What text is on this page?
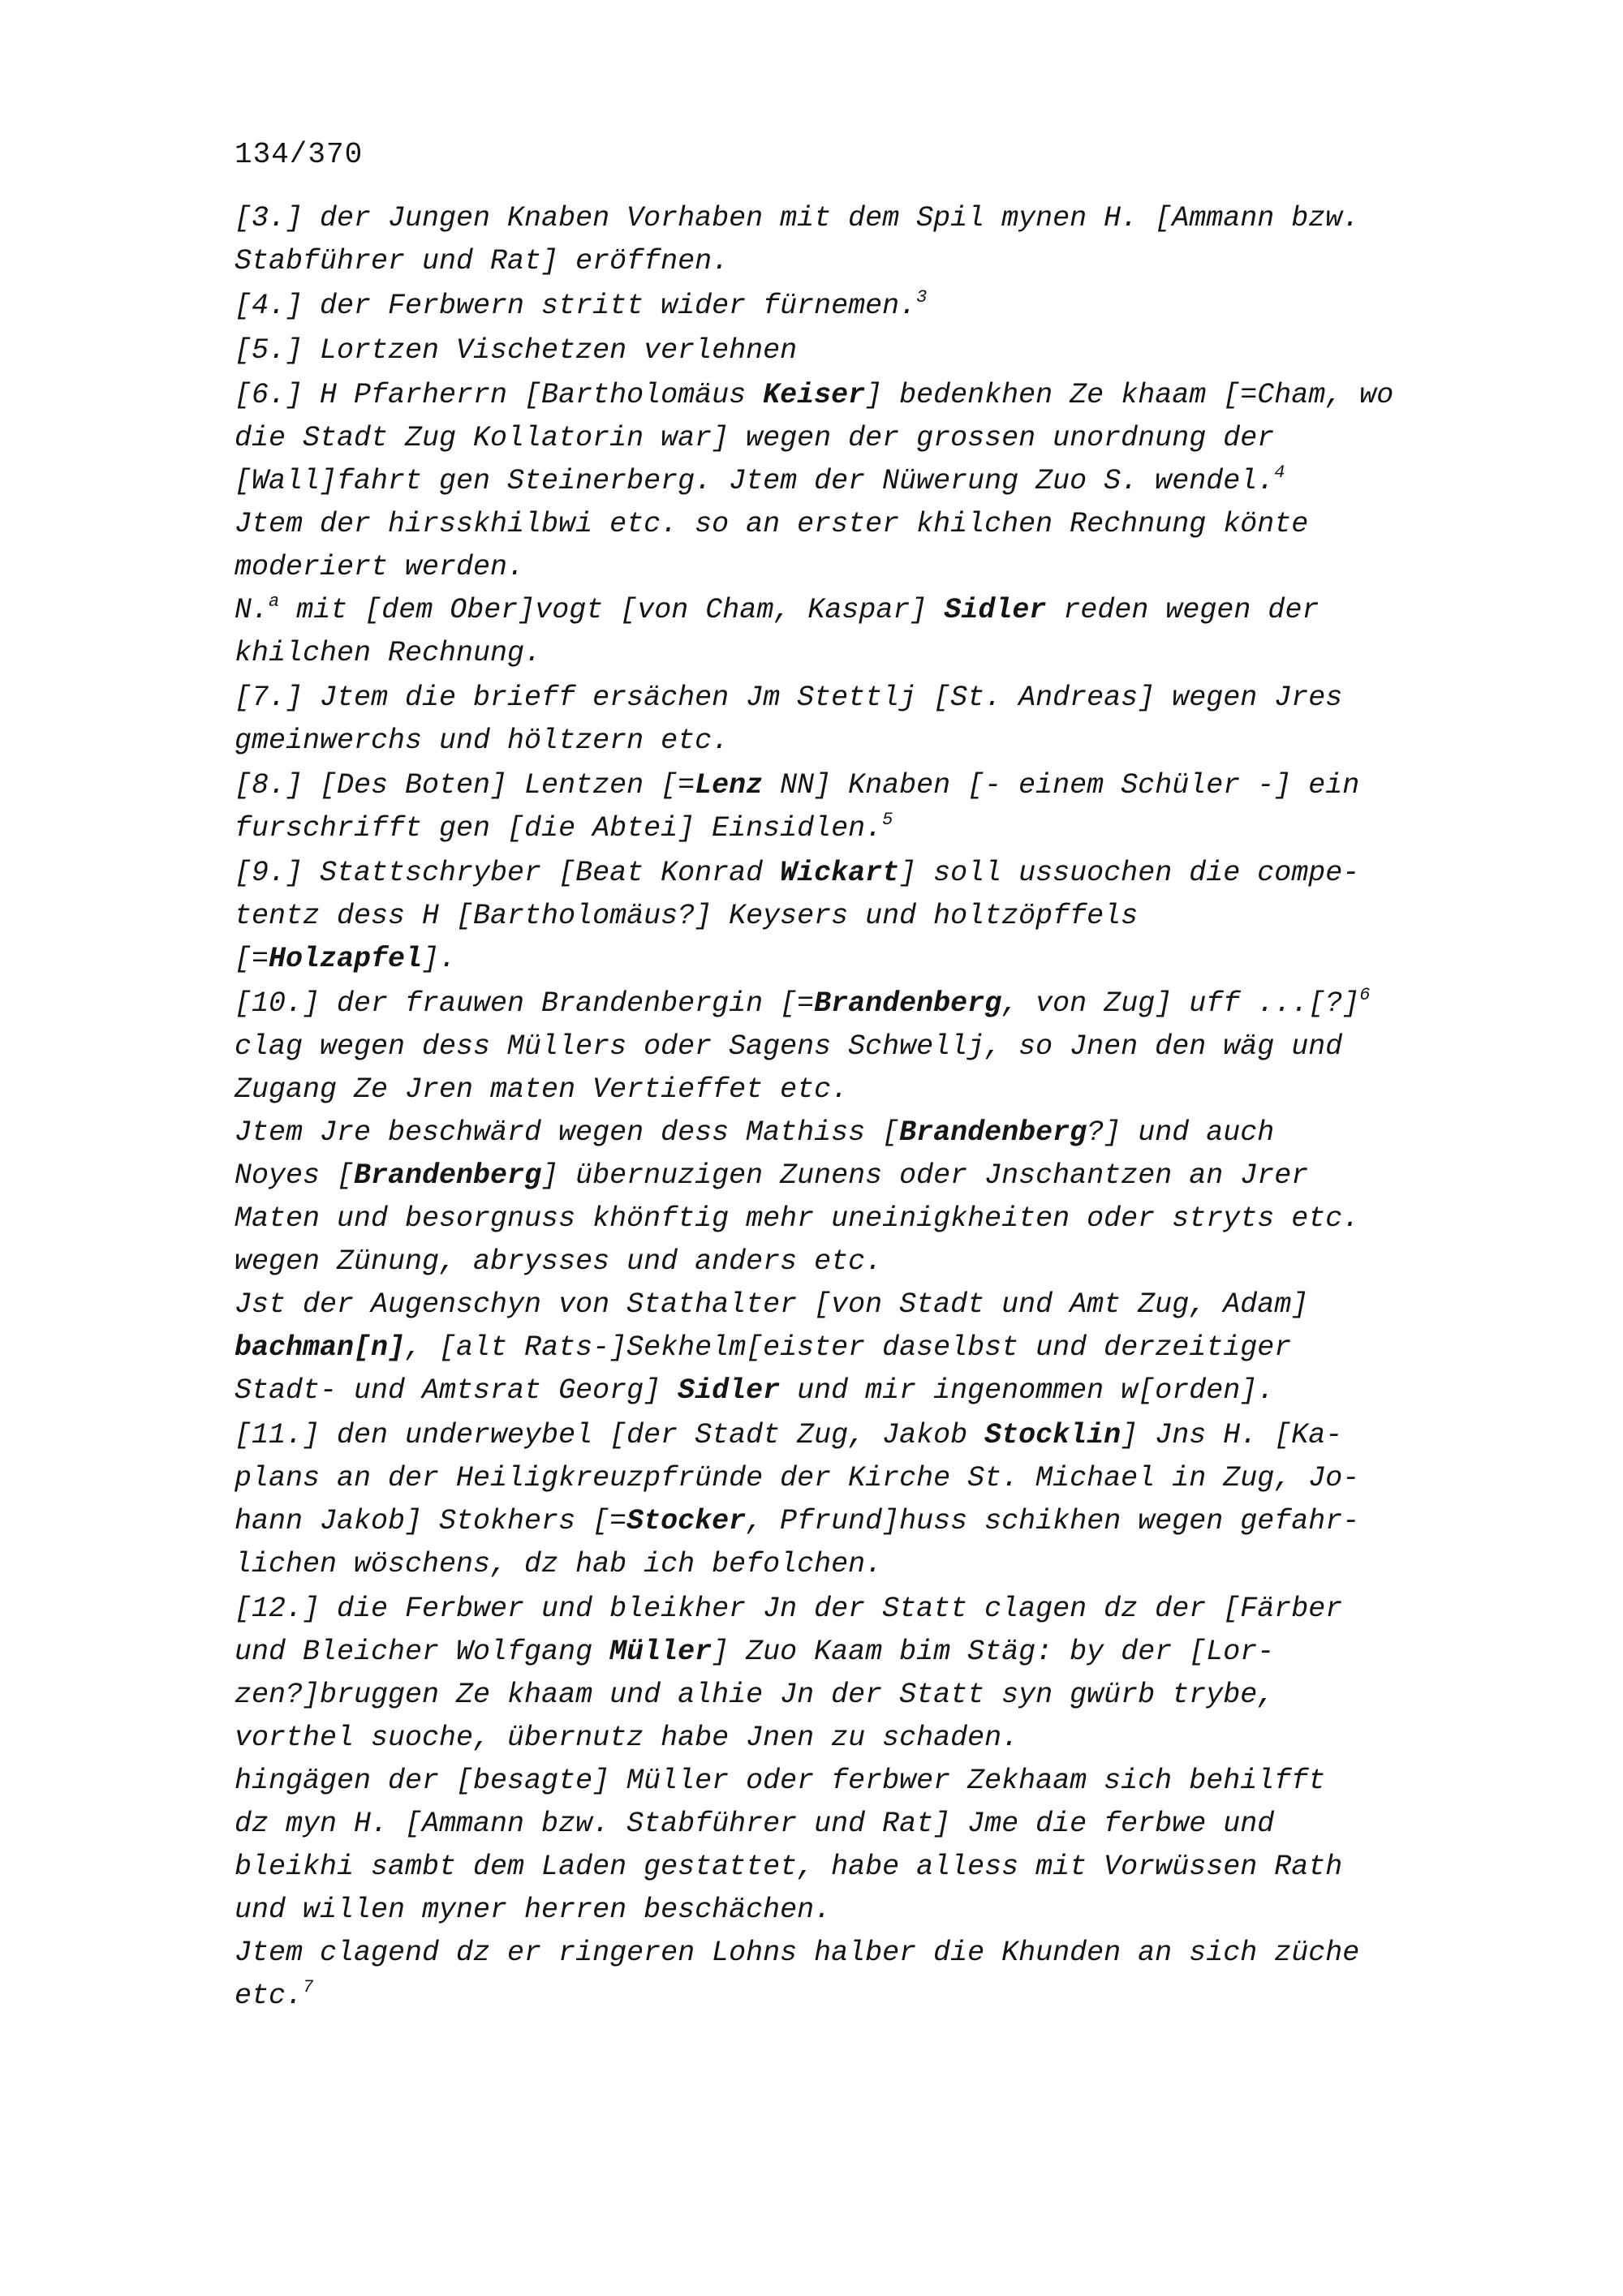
134/370
[3.] der Jungen Knaben Vorhaben mit dem Spil mynen H. [Ammann bzw.
Stabführer und Rat] eröffnen.
[4.] der Ferbwern stritt wider fürnemen.$^3$
[5.] Lortzen Vischetzen verlehnen
[6.] H Pfarherrn [Bartholomäus Keiser] bedenkhen Ze khaam [=Cham, wo
die Stadt Zug Kollatorin war] wegen der grossen unordnung der
[Wall]fahrt gen Steinerberg. Jtem der Nüwerung Zuo S. wendel.$^4$
Jtem der hirsskhilbwi etc. so an erster khilchen Rechnung könte
moderiert werden.
N.$^a$ mit [dem Ober]vogt [von Cham, Kaspar] Sidler reden wegen der
khilchen Rechnung.
[7.] Jtem die brieff ersächen Jm Stettlj [St. Andreas] wegen Jres
gmeinwerchs und höltzern etc.
[8.] [Des Boten] Lentzen [=Lenz NN] Knaben [- einem Schüler -] ein
furschrifft gen [die Abtei] Einsidlen.$^5$
[9.] Stattschryber [Beat Konrad Wickart] soll ussuochen die compe-
tentz dess H [Bartholomäus?] Keysers und holtzöpffels
[=Holzapfel].
[10.] der frauwen Brandenbergin [=Brandenberg, von Zug] uff ...[?]$^6$
clag wegen dess Müllers oder Sagens Schwellj, so Jnen den wäg und
Zugang Ze Jren maten Vertieffet etc.
Jtem Jre beschwärd wegen dess Mathiss [Brandenberg?] und auch
Noyes [Brandenberg] übernuzigen Zunens oder Jnschantzen an Jrer
Maten und besorgnuss khönftig mehr uneinigkheiten oder stryts etc.
wegen Zünung, abrysses und anders etc.
Jst der Augenschyn von Stathalter [von Stadt und Amt Zug, Adam]
bachman[n], [alt Rats-]Sekhelm[eister daselbst und derzeitiger
Stadt- und Amtsrat Georg] Sidler und mir ingenommen w[orden].
[11.] den underweybel [der Stadt Zug, Jakob Stocklin] Jns H. [Ka-
plans an der Heiligkreuzpfründe der Kirche St. Michael in Zug, Jo-
hann Jakob] Stokhers [=Stocker, Pfrund]huss schikhen wegen gefahr-
lichen wöschens, dz hab ich befolchen.
[12.] die Ferbwer und bleikher Jn der Statt clagen dz der [Färber
und Bleicher Wolfgang Müller] Zuo Kaam bim Stäg: by der [Lor-
zen?]bruggen Ze khaam und alhie Jn der Statt syn gwürb trybe,
vorthel suoche, übernutz habe Jnen zu schaden.
hingägen der [besagte] Müller oder ferbwer Zekhaam sich behilfft
dz myn H. [Ammann bzw. Stabführer und Rat] Jme die ferbwe und
bleikhi sambt dem Laden gestattet, habe alless mit Vorwüssen Rath
und willen myner herren beschächen.
Jtem clagend dz er ringeren Lohns halber die Khunden an sich züche
etc.$^7$
